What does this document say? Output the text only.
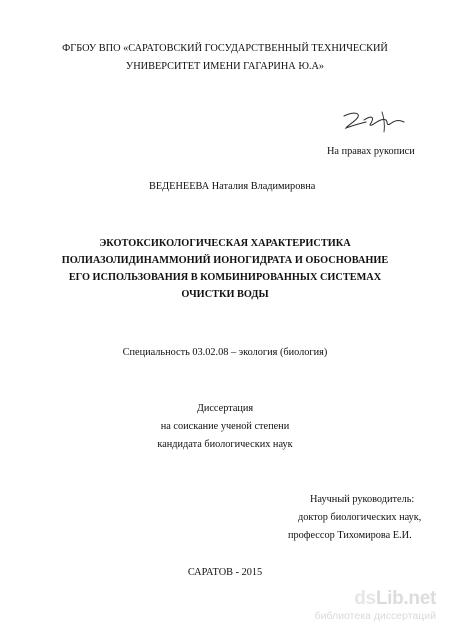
ФГБОУ ВПО «САРАТОВСКИЙ ГОСУДАРСТВЕННЫЙ ТЕХНИЧЕСКИЙ
УНИВЕРСИТЕТ ИМЕНИ ГАГАРИНА Ю.А»
На правах рукописи
ВЕДЕНЕЕВА Наталия Владимировна
ЭКОТОКСИКОЛОГИЧЕСКАЯ ХАРАКТЕРИСТИКА
ПОЛИАЗОЛИДИНАММОНИЙ ИОНОГИДРАТА И ОБОСНОВАНИЕ
ЕГО ИСПОЛЬЗОВАНИЯ В КОМБИНИРОВАННЫХ СИСТЕМАХ
ОЧИСТКИ ВОДЫ
Специальность 03.02.08 – экология (биология)
Диссертация
на соискание ученой степени
кандидата биологических наук
Научный руководитель:
доктор биологических наук,
профессор Тихомирова Е.И.
САРАТОВ - 2015
dsLib.net
библиотека диссертаций
